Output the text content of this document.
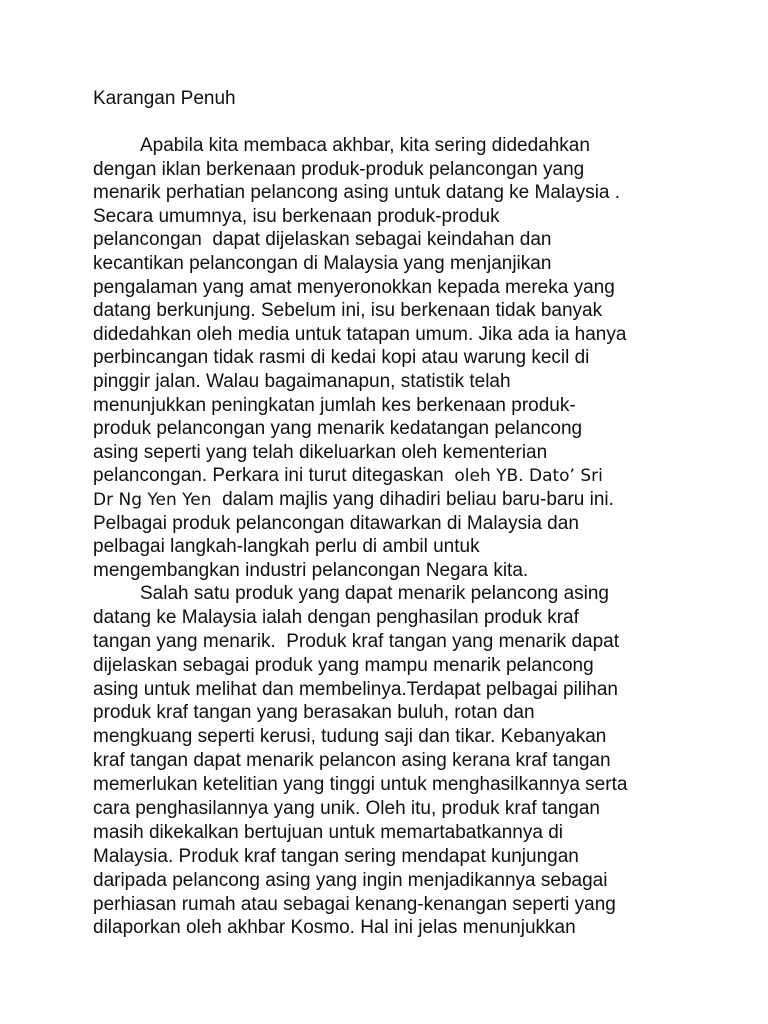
Karangan Penuh
Apabila kita membaca akhbar, kita sering didedahkan
dengan iklan berkenaan produk-produk pelancongan yang
menarik perhatian pelancong asing untuk datang ke Malaysia .
Secara umumnya, isu berkenaan produk-produk
pelancongan  dapat dijelaskan sebagai keindahan dan
kecantikan pelancongan di Malaysia yang menjanjikan
pengalaman yang amat menyeronokkan kepada mereka yang
datang berkunjung. Sebelum ini, isu berkenaan tidak banyak
didedahkan oleh media untuk tatapan umum. Jika ada ia hanya
perbincangan tidak rasmi di kedai kopi atau warung kecil di
pinggir jalan. Walau bagaimanapun, statistik telah
menunjukkan peningkatan jumlah kes berkenaan produk-
produk pelancongan yang menarik kedatangan pelancong
asing seperti yang telah dikeluarkan oleh kementerian
pelancongan. Perkara ini turut ditegaskan  oleh YB. Dato’ Sri
Dr Ng Yen Yen  dalam majlis yang dihadiri beliau baru-baru ini.
Pelbagai produk pelancongan ditawarkan di Malaysia dan
pelbagai langkah-langkah perlu di ambil untuk
mengembangkan industri pelancongan Negara kita.
Salah satu produk yang dapat menarik pelancong asing
datang ke Malaysia ialah dengan penghasilan produk kraf
tangan yang menarik.  Produk kraf tangan yang menarik dapat
dijelaskan sebagai produk yang mampu menarik pelancong
asing untuk melihat dan membelinya.Terdapat pelbagai pilihan
produk kraf tangan yang berasakan buluh, rotan dan
mengkuang seperti kerusi, tudung saji dan tikar. Kebanyakan
kraf tangan dapat menarik pelancon asing kerana kraf tangan
memerlukan ketelitian yang tinggi untuk menghasilkannya serta
cara penghasilannya yang unik. Oleh itu, produk kraf tangan
masih dikekalkan bertujuan untuk memartabatkannya di
Malaysia. Produk kraf tangan sering mendapat kunjungan
daripada pelancong asing yang ingin menjadikannya sebagai
perhiasan rumah atau sebagai kenang-kenangan seperti yang
dilaporkan oleh akhbar Kosmo. Hal ini jelas menunjukkan
